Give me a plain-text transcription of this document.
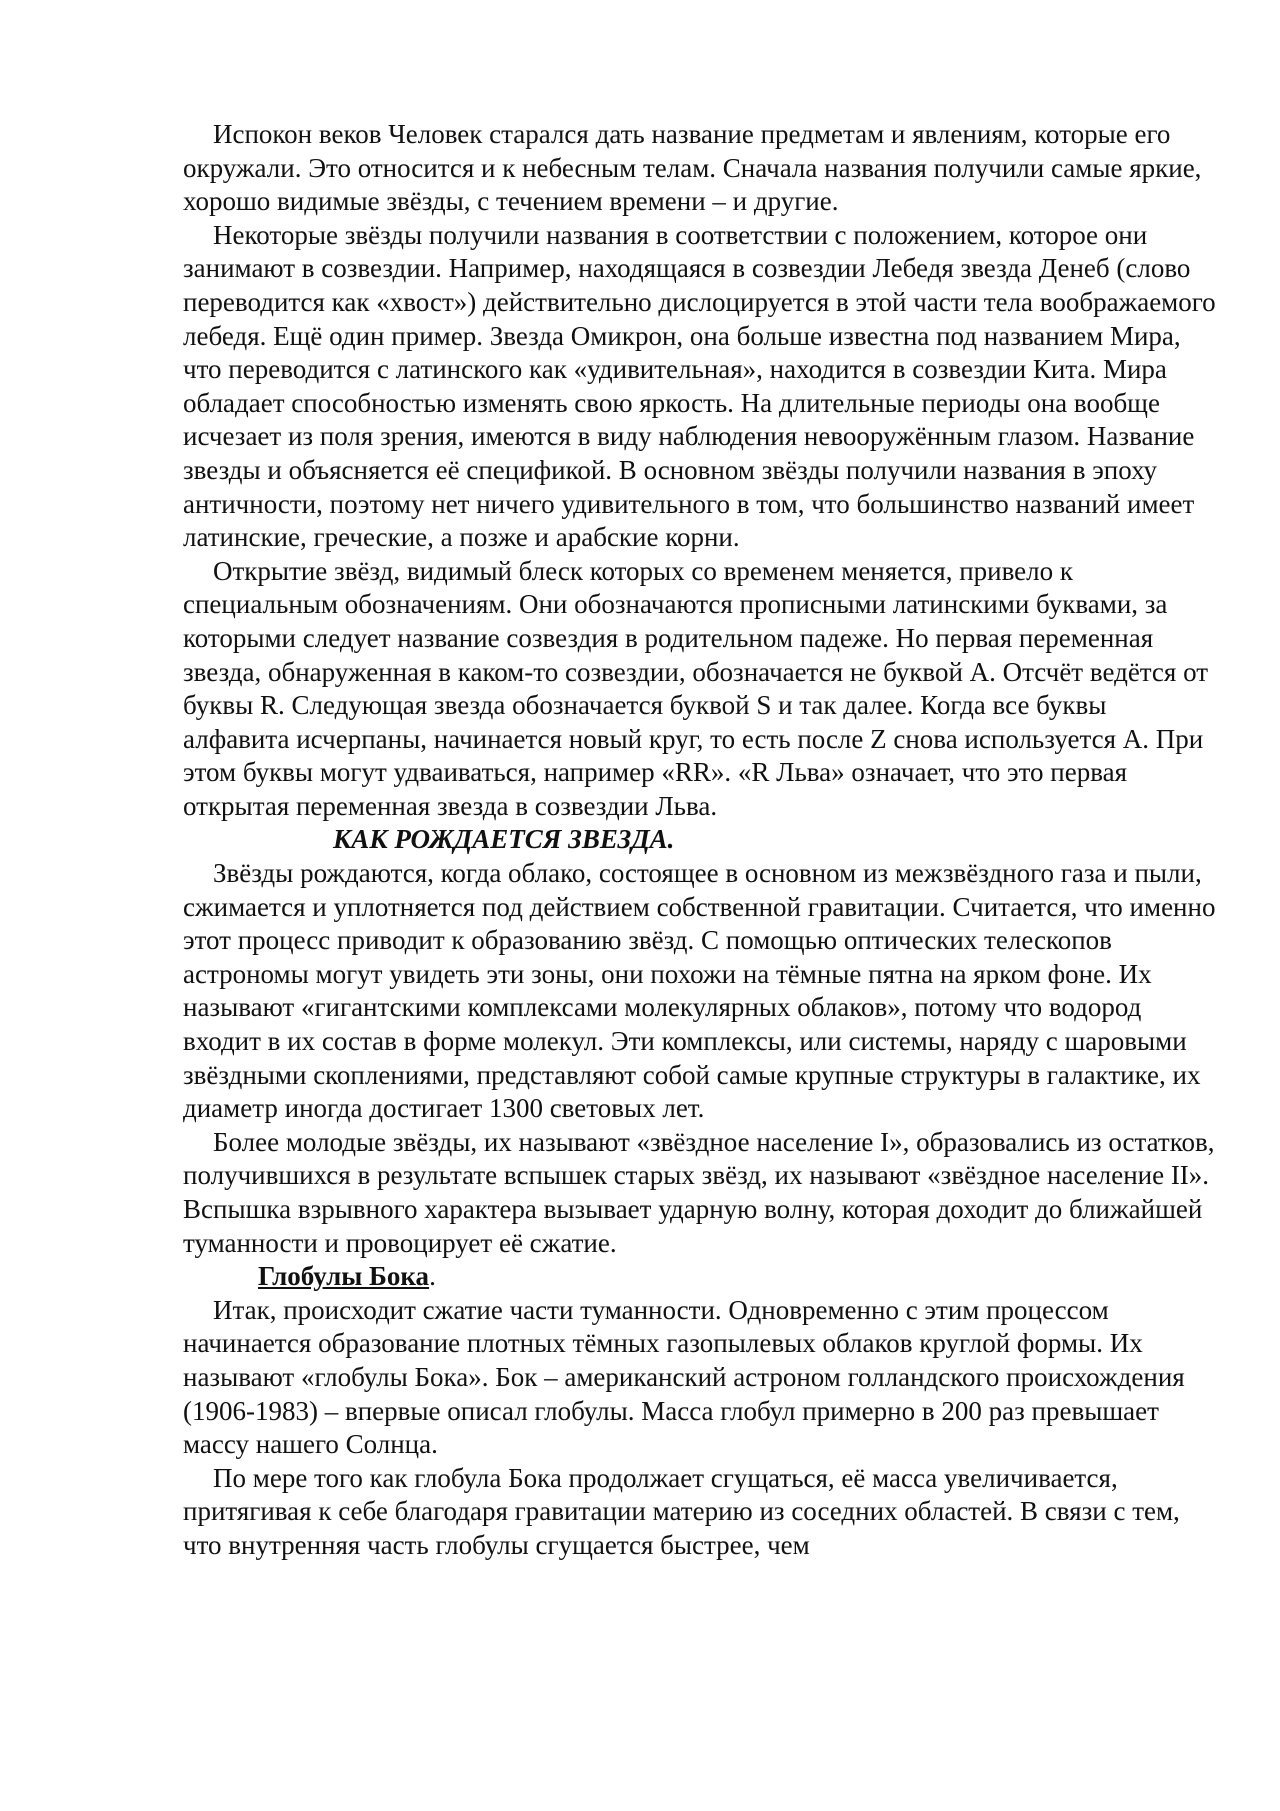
Испокон веков Человек старался дать название предметам и явлениям, которые его окружали. Это относится и к небесным телам. Сначала названия получили самые яркие, хорошо видимые звёзды, с течением времени – и другие.

Некоторые звёзды получили названия в соответствии с положением, которое они занимают в созвездии. Например, находящаяся в созвездии Лебедя звезда Денеб (слово переводится как «хвост») действительно дислоцируется в этой части тела воображаемого лебедя. Ещё один пример. Звезда Омикрон, она больше известна под названием Мира, что переводится с латинского как «удивительная», находится в созвездии Кита. Мира обладает способностью изменять свою яркость. На длительные периоды она вообще исчезает из поля зрения, имеются в виду наблюдения невооружённым глазом. Название звезды и объясняется её спецификой. В основном звёзды получили названия в эпоху античности, поэтому нет ничего удивительного в том, что большинство названий имеет латинские, греческие, а позже и арабские корни.

Открытие звёзд, видимый блеск которых со временем меняется, привело к специальным обозначениям. Они обозначаются прописными латинскими буквами, за которыми следует название созвездия в родительном падеже. Но первая переменная звезда, обнаруженная в каком-то созвездии, обозначается не буквой А. Отсчёт ведётся от буквы R. Следующая звезда обозначается буквой S и так далее. Когда все буквы алфавита исчерпаны, начинается новый круг, то есть после Z снова используется А. При этом буквы могут удваиваться, например «RR». «R Льва» означает, что это первая открытая переменная звезда в созвездии Льва.

КАК РОЖДАЕТСЯ ЗВЕЗДА.

Звёзды рождаются, когда облако, состоящее в основном из межзвёздного газа и пыли, сжимается и уплотняется под действием собственной гравитации. Считается, что именно этот процесс приводит к образованию звёзд. С помощью оптических телескопов астрономы могут увидеть эти зоны, они похожи на тёмные пятна на ярком фоне. Их называют «гигантскими комплексами молекулярных облаков», потому что водород входит в их состав в форме молекул. Эти комплексы, или системы, наряду с шаровыми звёздными скоплениями, представляют собой самые крупные структуры в галактике, их диаметр иногда достигает 1300 световых лет.

Более молодые звёзды, их называют «звёздное население I», образовались из остатков, получившихся в результате вспышек старых звёзд, их называют «звёздное население II». Вспышка взрывного характера вызывает ударную волну, которая доходит до ближайшей туманности и провоцирует её сжатие.

Глобулы Бока.

Итак, происходит сжатие части туманности. Одновременно с этим процессом начинается образование плотных тёмных газопылевых облаков круглой формы. Их называют «глобулы Бока». Бок – американский астроном голландского происхождения (1906-1983) – впервые описал глобулы. Масса глобул примерно в 200 раз превышает массу нашего Солнца.

По мере того как глобула Бока продолжает сгущаться, её масса увеличивается, притягивая к себе благодаря гравитации материю из соседних областей. В связи с тем, что внутренняя часть глобулы сгущается быстрее, чем
